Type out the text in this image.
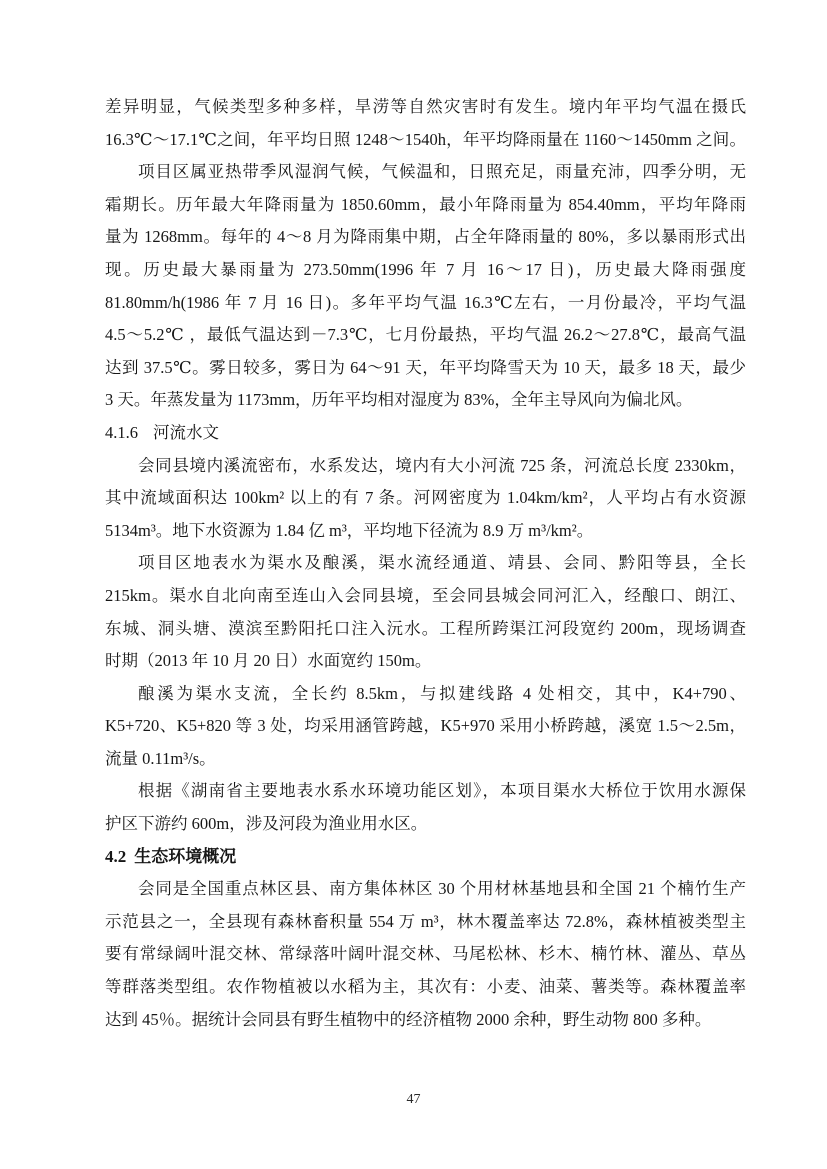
差异明显，气候类型多种多样，旱涝等自然灾害时有发生。境内年平均气温在摄氏
16.3℃～17.1℃之间，年平均日照 1248～1540h，年平均降雨量在 1160～1450mm 之间。
项目区属亚热带季风湿润气候，气候温和，日照充足，雨量充沛，四季分明，无
霜期长。历年最大年降雨量为 1850.60mm，最小年降雨量为 854.40mm，平均年降雨
量为 1268mm。每年的 4～8 月为降雨集中期，占全年降雨量的 80%，多以暴雨形式出
现。历史最大暴雨量为 273.50mm(1996 年 7 月 16～17 日)，历史最大降雨强度
81.80mm/h(1986 年 7 月 16 日)。多年平均气温 16.3℃左右，一月份最冷，平均气温
4.5～5.2℃ ，最低气温达到－7.3℃，七月份最热，平均气温 26.2～27.8℃，最高气温
达到 37.5℃。雾日较多，雾日为 64～91 天，年平均降雪天为 10 天，最多 18 天，最少
3 天。年蒸发量为 1173mm，历年平均相对湿度为 83%，全年主导风向为偏北风。
4.1.6 河流水文
会同县境内溪流密布，水系发达，境内有大小河流 725 条，河流总长度 2330km，
其中流域面积达 100km² 以上的有 7 条。河网密度为 1.04km/km²，人平均占有水资源
5134m³。地下水资源为 1.84 亿 m³，平均地下径流为 8.9 万 m³/km²。
项目区地表水为渠水及酿溪，渠水流经通道、靖县、会同、黔阳等县，全长
215km。渠水自北向南至连山入会同县境，至会同县城会同河汇入，经酿口、朗江、
东城、洞头塘、漠滨至黔阳托口注入沅水。工程所跨渠江河段宽约 200m，现场调查
时期（2013 年 10 月 20 日）水面宽约 150m。
酿溪为渠水支流，全长约 8.5km，与拟建线路 4 处相交，其中，K4+790、
K5+720、K5+820 等 3 处，均采用涵管跨越，K5+970 采用小桥跨越，溪宽 1.5～2.5m，
流量 0.11m³/s。
根据《湖南省主要地表水系水环境功能区划》，本项目渠水大桥位于饮用水源保
护区下游约 600m，涉及河段为渔业用水区。
4.2 生态环境概况
会同是全国重点林区县、南方集体林区 30 个用材林基地县和全国 21 个楠竹生产
示范县之一，全县现有森林畜积量 554 万 m³，林木覆盖率达 72.8%，森林植被类型主
要有常绿阔叶混交林、常绿落叶阔叶混交林、马尾松林、杉木、楠竹林、灌丛、草丛
等群落类型组。农作物植被以水稻为主，其次有：小麦、油菜、薯类等。森林覆盖率
达到 45％。据统计会同县有野生植物中的经济植物 2000 余种，野生动物 800 多种。
47
